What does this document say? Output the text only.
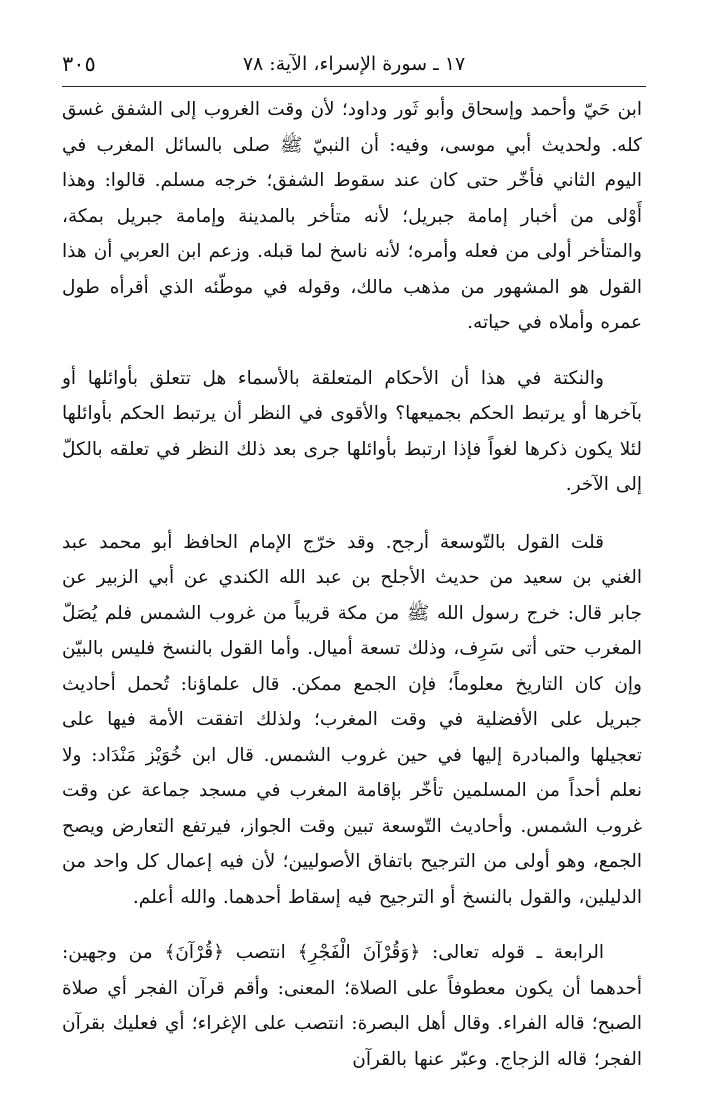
٣٠٥	١٧ ـ سورة الإسراء، الآية: ٧٨

ابن حَيّ وأحمد وإسحاق وأبو ثَور وداود؛ لأن وقت الغروب إلى الشفق غسق كله. ولحديث أبي موسى، وفيه: أن النبيّ ﷺ صلى بالسائل المغرب في اليوم الثاني فأخّر حتى كان عند سقوط الشفق؛ خرجه مسلم. قالوا: وهذا أَوْلى من أخبار إمامة جبريل؛ لأنه متأخر بالمدينة وإمامة جبريل بمكة، والمتأخر أولى من فعله وأمره؛ لأنه ناسخ لما قبله. وزعم ابن العربي أن هذا القول هو المشهور من مذهب مالك، وقوله في موطّئه الذي أقرأه طول عمره وأملاه في حياته.

والنكتة في هذا أن الأحكام المتعلقة بالأسماء هل تتعلق بأوائلها أو بآخرها أو يرتبط الحكم بجميعها؟ والأقوى في النظر أن يرتبط الحكم بأوائلها لئلا يكون ذكرها لغواً فإذا ارتبط بأوائلها جرى بعد ذلك النظر في تعلقه بالكلّ إلى الآخر.

قلت القول بالتّوسعة أرجح. وقد خرّج الإمام الحافظ أبو محمد عبد الغني بن سعيد من حديث الأجلح بن عبد الله الكندي عن أبي الزبير عن جابر قال: خرج رسول الله ﷺ من مكة قريباً من غروب الشمس فلم يُصَلّ المغرب حتى أتى سَرِف، وذلك تسعة أميال. وأما القول بالنسخ فليس بالبيّن وإن كان التاريخ معلوماً؛ فإن الجمع ممكن. قال علماؤنا: تُحمل أحاديث جبريل على الأفضلية في وقت المغرب؛ ولذلك اتفقت الأمة فيها على تعجيلها والمبادرة إليها في حين غروب الشمس. قال ابن خُوَيْز مَنْدَاد: ولا نعلم أحداً من المسلمين تأخّر بإقامة المغرب في مسجد جماعة عن وقت غروب الشمس. وأحاديث التّوسعة تبين وقت الجواز، فيرتفع التعارض ويصح الجمع، وهو أولى من الترجيح باتفاق الأصوليين؛ لأن فيه إعمال كل واحد من الدليلين، والقول بالنسخ أو الترجيح فيه إسقاط أحدهما. والله أعلم.

الرابعة ـ قوله تعالى: ﴿وَقُرْآنَ الْفَجْرِ﴾ انتصب ﴿قُرْآنَ﴾ من وجهين: أحدهما أن يكون معطوفاً على الصلاة؛ المعنى: وأقم قرآن الفجر أي صلاة الصبح؛ قاله الفراء. وقال أهل البصرة: انتصب على الإغراء؛ أي فعليك بقرآن الفجر؛ قاله الزجاج. وعبّر عنها بالقرآن
